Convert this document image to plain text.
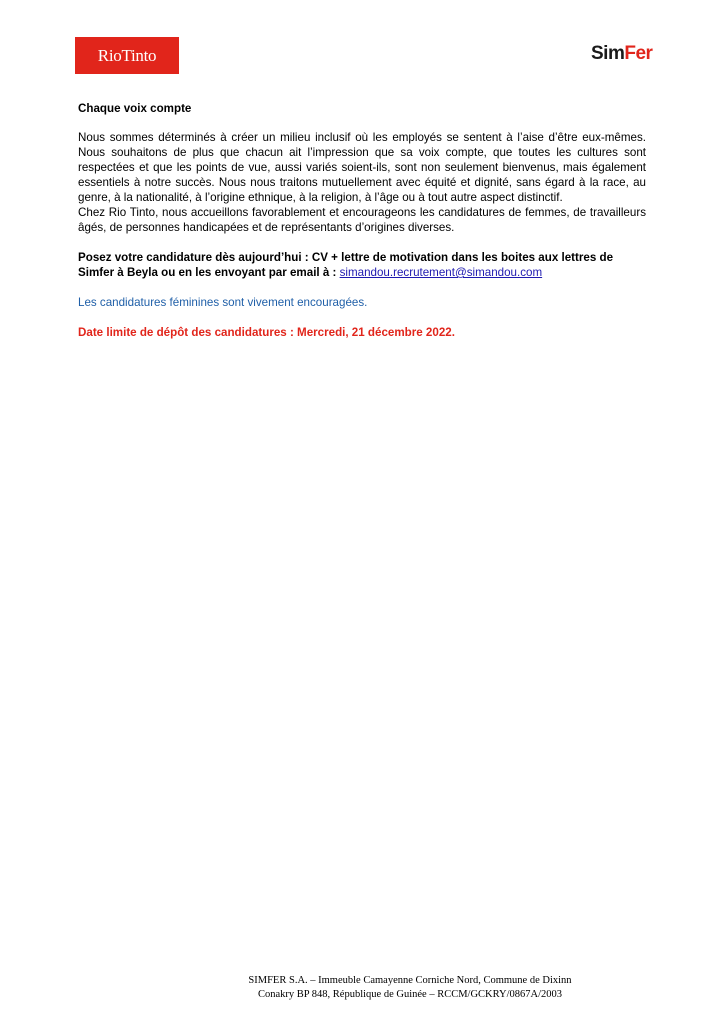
RioTinto	SimFer

Chaque voix compte

Nous sommes déterminés à créer un milieu inclusif où les employés se sentent à l’aise d’être eux-mêmes. Nous souhaitons de plus que chacun ait l’impression que sa voix compte, que toutes les cultures sont respectées et que les points de vue, aussi variés soient-ils, sont non seulement bienvenus, mais également essentiels à notre succès. Nous nous traitons mutuellement avec équité et dignité, sans égard à la race, au genre, à la nationalité, à l’origine ethnique, à la religion, à l’âge ou à tout autre aspect distinctif.

Chez Rio Tinto, nous accueillons favorablement et encourageons les candidatures de femmes, de travailleurs âgés, de personnes handicapées et de représentants d’origines diverses.

Posez votre candidature dès aujourd’hui : CV + lettre de motivation dans les boites aux lettres de Simfer à Beyla ou en les envoyant par email à : simandou.recrutement@simandou.com

Les candidatures féminines sont vivement encouragées.

Date limite de dépôt des candidatures : Mercredi, 21 décembre 2022.

SIMFER S.A. – Immeuble Camayenne Corniche Nord, Commune de Dixinn
Conakry BP 848, République de Guinée – RCCM/GCKRY/0867A/2003
